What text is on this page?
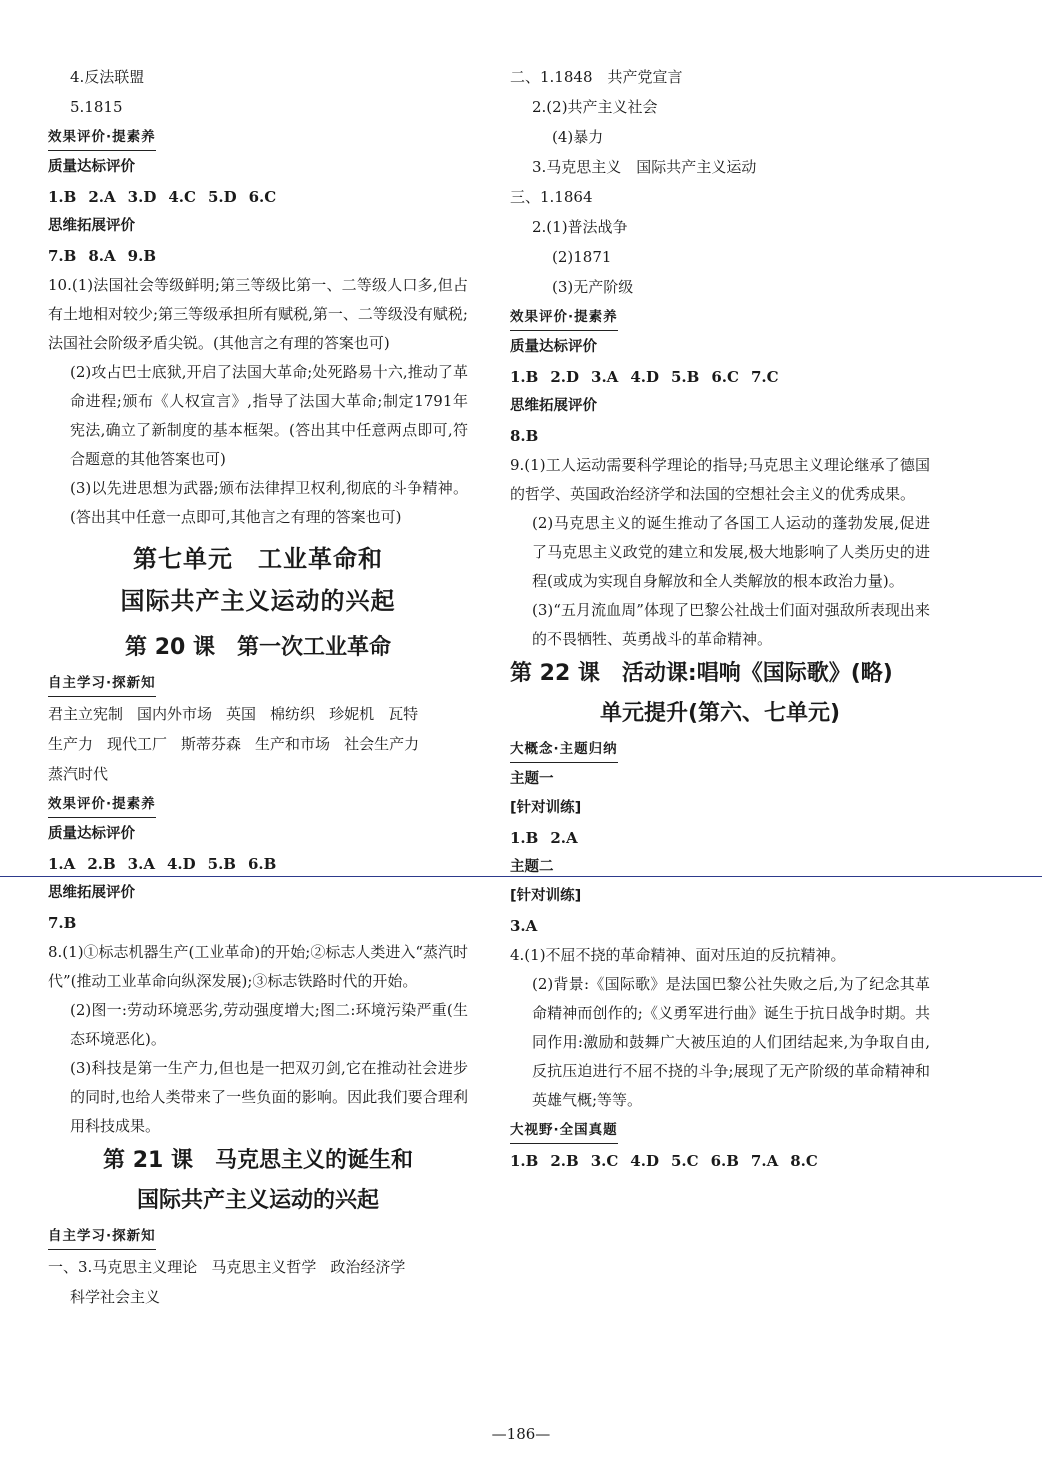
4.反法联盟
5.1815
效果评价·提素养
质量达标评价
1.B 2.A 3.D 4.C 5.D 6.C
思维拓展评价
7.B 8.A 9.B
10.(1)法国社会等级鲜明;第三等级比第一、二等级人口多,但占有土地相对较少;第三等级承担所有赋税,第一、二等级没有赋税;法国社会阶级矛盾尖锐。(其他言之有理的答案也可)
(2)攻占巴士底狱,开启了法国大革命;处死路易十六,推动了革命进程;颁布《人权宣言》,指导了法国大革命;制定1791年宪法,确立了新制度的基本框架。(答出其中任意两点即可,符合题意的其他答案也可)
(3)以先进思想为武器;颁布法律捍卫权利,彻底的斗争精神。(答出其中任意一点即可,其他言之有理的答案也可)
第七单元　工业革命和
国际共产主义运动的兴起
第 20 课　第一次工业革命
自主学习·探新知
君主立宪制 国内外市场 英国 棉纺织 珍妮机 瓦特
生产力 现代工厂 斯蒂芬森 生产和市场 社会生产力
蒸汽时代
效果评价·提素养
质量达标评价
1.A 2.B 3.A 4.D 5.B 6.B
思维拓展评价
7.B
8.(1)①标志机器生产(工业革命)的开始;②标志人类进入“蒸汽时代”(推动工业革命向纵深发展);③标志铁路时代的开始。
(2)图一:劳动环境恶劣,劳动强度增大;图二:环境污染严重(生态环境恶化)。
(3)科技是第一生产力,但也是一把双刃剑,它在推动社会进步的同时,也给人类带来了一些负面的影响。因此我们要合理利用科技成果。
第 21 课　马克思主义的诞生和
国际共产主义运动的兴起
自主学习·探新知
一、3.马克思主义理论 马克思主义哲学 政治经济学
科学社会主义
二、1.1848　共产党宣言
2.(2)共产主义社会
(4)暴力
3.马克思主义　国际共产主义运动
三、1.1864
2.(1)普法战争
(2)1871
(3)无产阶级
效果评价·提素养
质量达标评价
1.B 2.D 3.A 4.D 5.B 6.C 7.C
思维拓展评价
8.B
9.(1)工人运动需要科学理论的指导;马克思主义理论继承了德国的哲学、英国政治经济学和法国的空想社会主义的优秀成果。
(2)马克思主义的诞生推动了各国工人运动的蓬勃发展,促进了马克思主义政党的建立和发展,极大地影响了人类历史的进程(或成为实现自身解放和全人类解放的根本政治力量)。
(3)“五月流血周”体现了巴黎公社战士们面对强敌所表现出来的不畏牺牲、英勇战斗的革命精神。
第 22 课　活动课:唱响《国际歌》(略)
单元提升(第六、七单元)
大概念·主题归纳
主题一
[针对训练]
1.B 2.A
主题二
[针对训练]
3.A
4.(1)不屈不挠的革命精神、面对压迫的反抗精神。
(2)背景:《国际歌》是法国巴黎公社失败之后,为了纪念其革命精神而创作的;《义勇军进行曲》诞生于抗日战争时期。共同作用:激励和鼓舞广大被压迫的人们团结起来,为争取自由,反抗压迫进行不屈不挠的斗争;展现了无产阶级的革命精神和英雄气概;等等。
大视野·全国真题
1.B 2.B 3.C 4.D 5.C 6.B 7.A 8.C
—186—
